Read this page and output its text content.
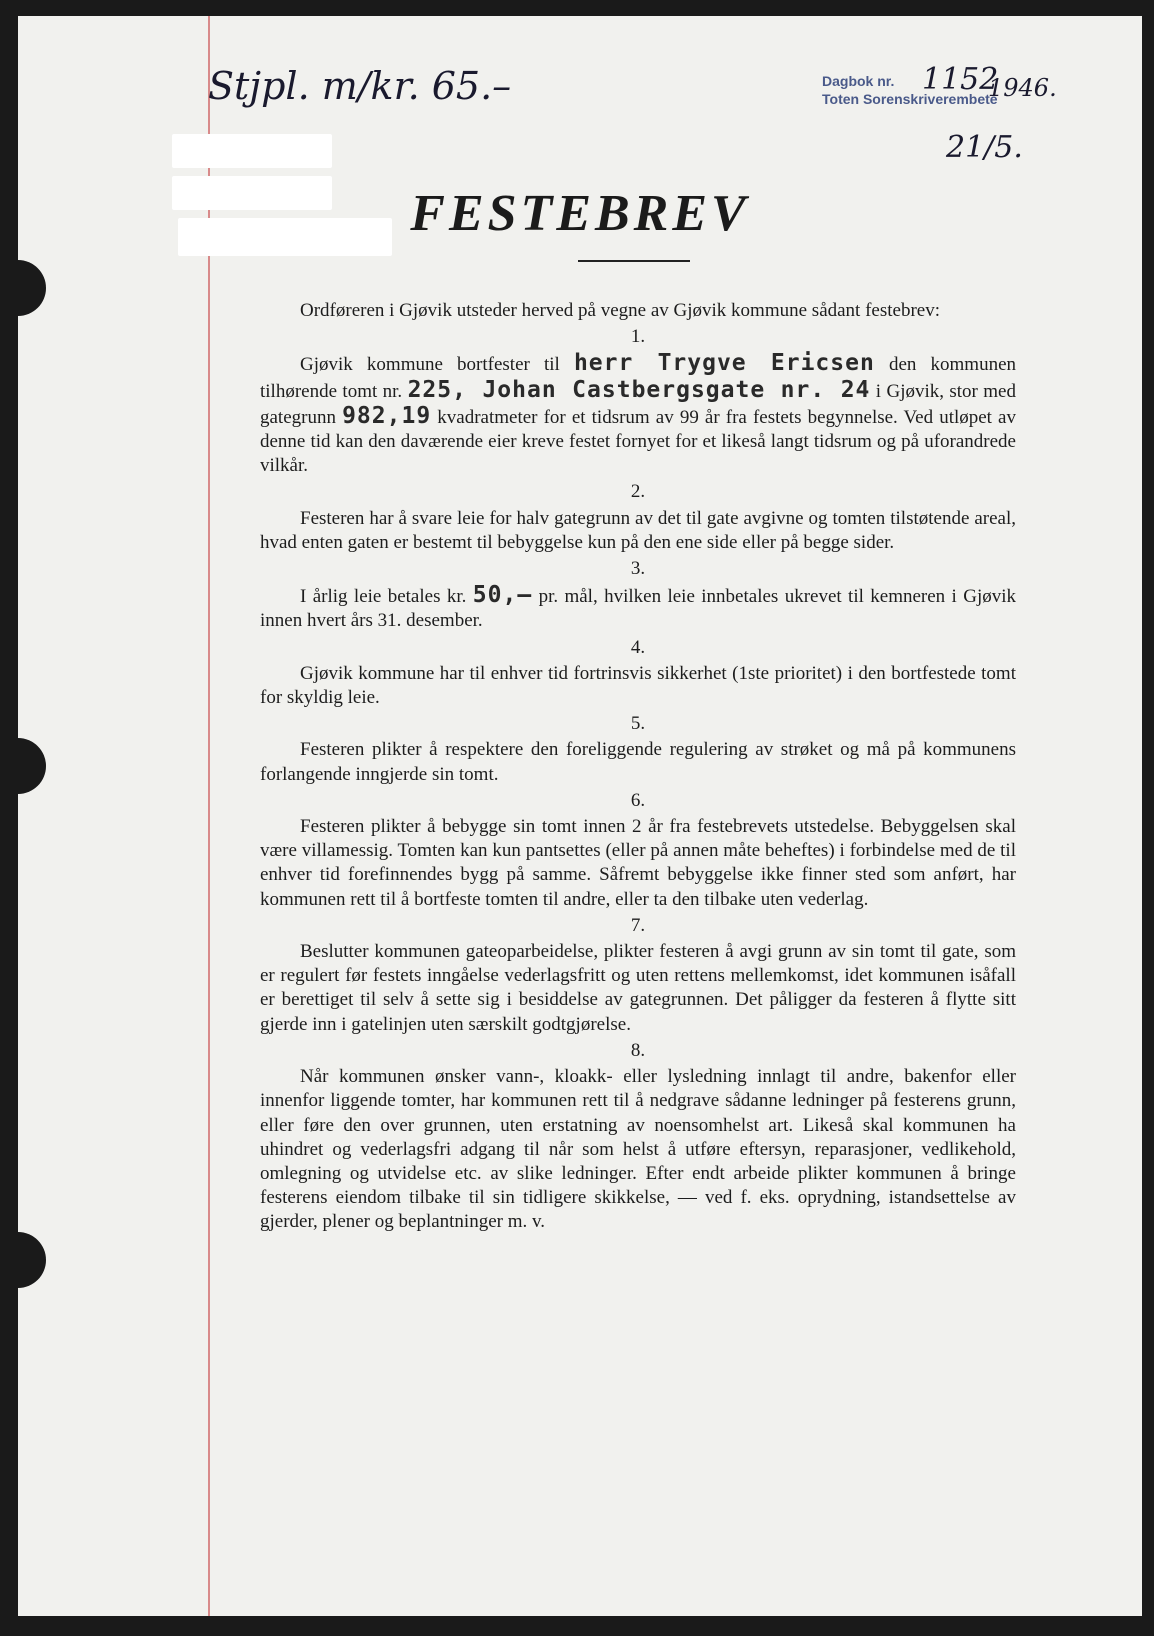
Stjpl. m/kr. 65.–	Dagbok nr.
Toten Sorenskriverembete
1152
1946.
21/5.
FESTEBREV

Ordføreren i Gjøvik utsteder herved på vegne av Gjøvik kommune sådant festebrev:

1.

Gjøvik kommune bortfester til herr Trygve Ericsen den kommunen tilhørende tomt nr. 225, Johan Castbergsgate nr. 24 i Gjøvik, stor med gategrunn 982,19 kvadratmeter for et tidsrum av 99 år fra festets begynnelse. Ved utløpet av denne tid kan den daværende eier kreve festet fornyet for et likeså langt tidsrum og på uforandrede vilkår.

2.

Festeren har å svare leie for halv gategrunn av det til gate avgivne og tomten tilstøtende areal, hvad enten gaten er bestemt til bebyggelse kun på den ene side eller på begge sider.

3.

I årlig leie betales kr. 50,– pr. mål, hvilken leie innbetales ukrevet til kemneren i Gjøvik innen hvert års 31. desember.

4.

Gjøvik kommune har til enhver tid fortrinsvis sikkerhet (1ste prioritet) i den bortfestede tomt for skyldig leie.

5.

Festeren plikter å respektere den foreliggende regulering av strøket og må på kommunens forlangende inngjerde sin tomt.

6.

Festeren plikter å bebygge sin tomt innen 2 år fra festebrevets utstedelse. Bebyggelsen skal være villamessig. Tomten kan kun pantsettes (eller på annen måte beheftes) i forbindelse med de til enhver tid forefinnendes bygg på samme. Såfremt bebyggelse ikke finner sted som anført, har kommunen rett til å bortfeste tomten til andre, eller ta den tilbake uten vederlag.

7.

Beslutter kommunen gateoparbeidelse, plikter festeren å avgi grunn av sin tomt til gate, som er regulert før festets inngåelse vederlagsfritt og uten rettens mellemkomst, idet kommunen isåfall er berettiget til selv å sette sig i besiddelse av gategrunnen. Det påligger da festeren å flytte sitt gjerde inn i gatelinjen uten særskilt godtgjørelse.

8.

Når kommunen ønsker vann-, kloakk- eller lysledning innlagt til andre, bakenfor eller innenfor liggende tomter, har kommunen rett til å nedgrave sådanne ledninger på festerens grunn, eller føre den over grunnen, uten erstatning av noensomhelst art. Likeså skal kommunen ha uhindret og vederlagsfri adgang til når som helst å utføre eftersyn, reparasjoner, vedlikehold, omlegning og utvidelse etc. av slike ledninger. Efter endt arbeide plikter kommunen å bringe festerens eiendom tilbake til sin tidligere skikkelse, — ved f. eks. oprydning, istandsettelse av gjerder, plener og beplantninger m. v.
